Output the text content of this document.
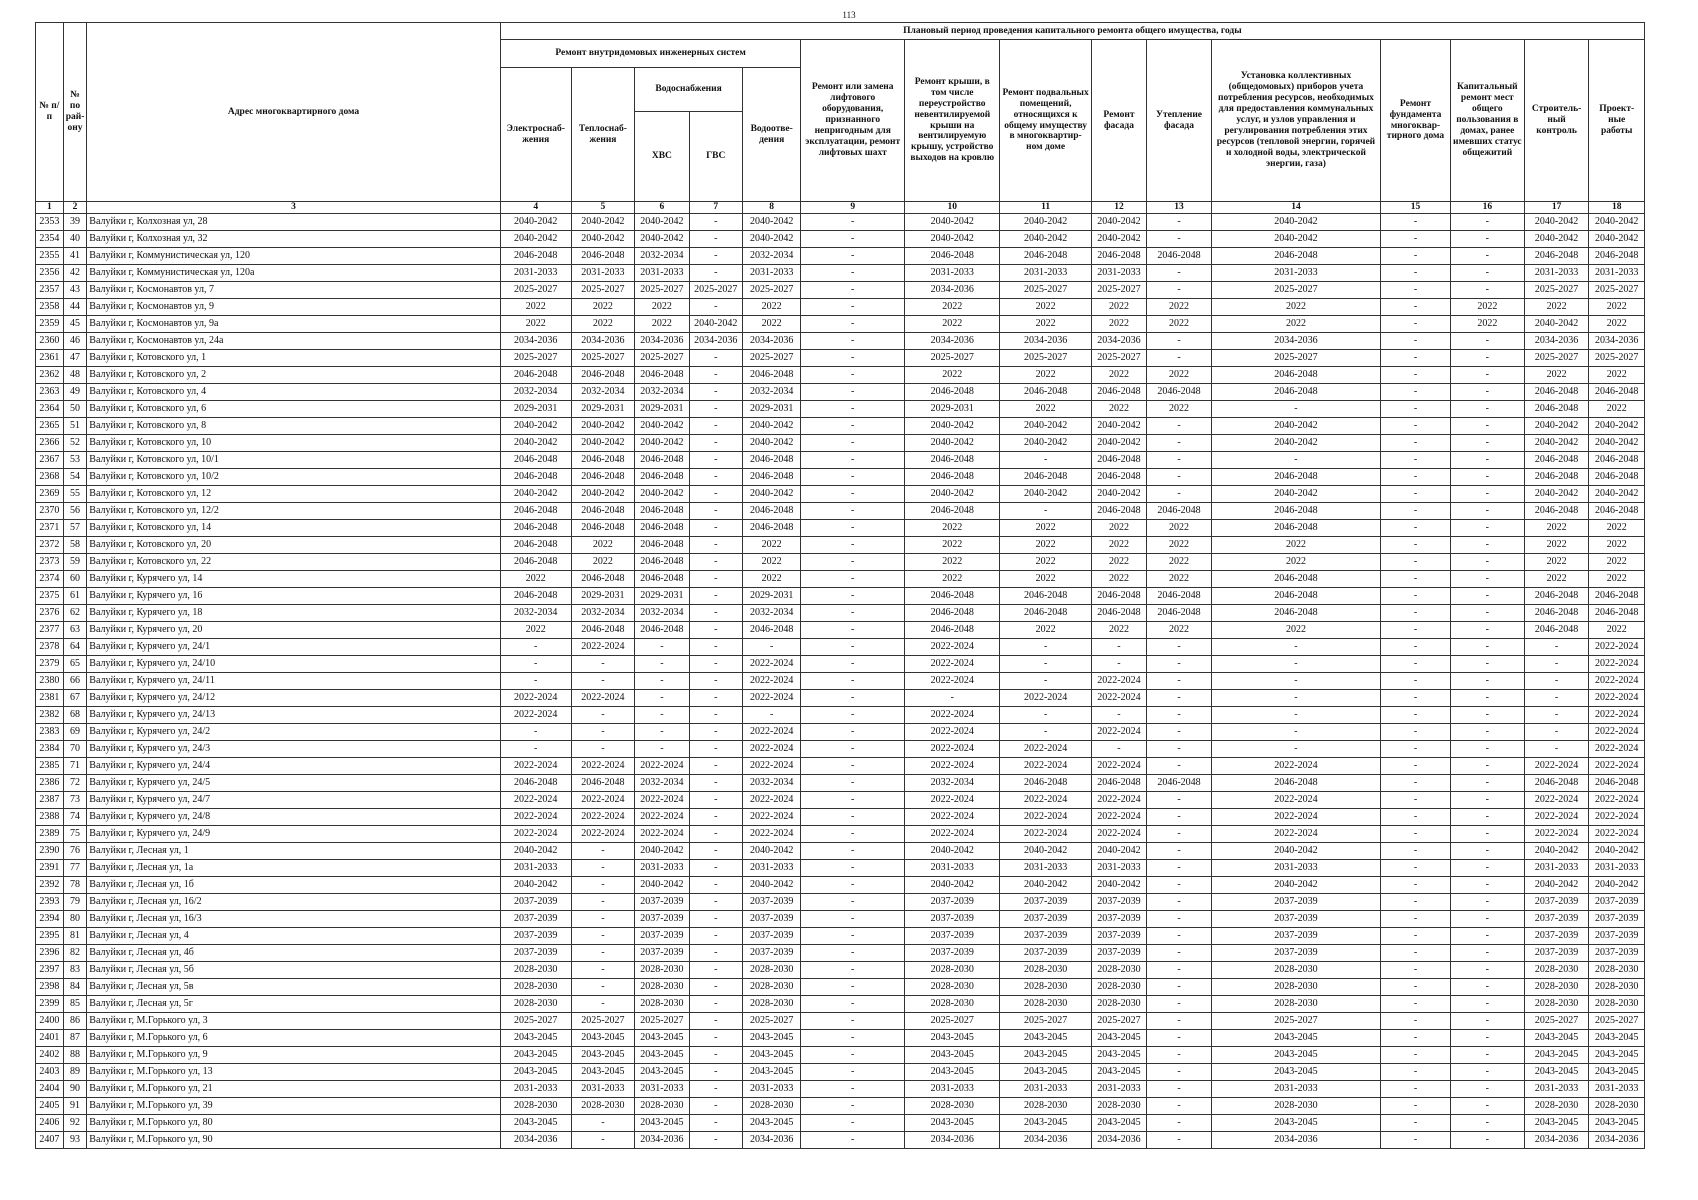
113
№ п/п	№ по рай-ону	Адрес многоквартирного дома	Плановый период проведения капитального ремонта общего имущества, годы														
			Ремонт внутридомовых инженерных систем					Ремонт или замена лифтового оборудования, признанного непригодным для эксплуатации, ремонт лифтовых шахт	Ремонт крыши, в том числе переустройство невентилируемой крыши на вентилируемую крышу, устройство выходов на кровлю	Ремонт подвальных помещений, относящихся к общему имуществу в многоквартир-ном доме	Ремонт фасада	Утепление фасада	Установка коллективных (общедомовых) приборов учета потребления ресурсов, необходимых для предоставления коммунальных услуг, и узлов управления и регулирования потребления этих ресурсов (тепловой энергии, горячей и холодной воды, электрической энергии, газа)	Ремонт фундамента многоквар-тирного дома	Капитальный ремонт мест общего пользования в домах, ранее имевших статус общежитий	Строитель-ный контроль	Проект-ные работы
			Электроснаб-жения	Теплоснаб-жения	Водоснабжения		Водоотве-дения										
					ХВС	ГВС											
1	2	3	4	5	6	7	8	9	10	11	12	13	14	15	16	17	18
2353	39	Валуйки г, Колхозная ул, 28	2040-2042	2040-2042	2040-2042	-	2040-2042	-	2040-2042	2040-2042	2040-2042	-	2040-2042	-	-	2040-2042	2040-2042
2354	40	Валуйки г, Колхозная ул, 32	2040-2042	2040-2042	2040-2042	-	2040-2042	-	2040-2042	2040-2042	2040-2042	-	2040-2042	-	-	2040-2042	2040-2042
2355	41	Валуйки г, Коммунистическая ул, 120	2046-2048	2046-2048	2032-2034	-	2032-2034	-	2046-2048	2046-2048	2046-2048	2046-2048	2046-2048	-	-	2046-2048	2046-2048
2356	42	Валуйки г, Коммунистическая ул, 120а	2031-2033	2031-2033	2031-2033	-	2031-2033	-	2031-2033	2031-2033	2031-2033	-	2031-2033	-	-	2031-2033	2031-2033
2357	43	Валуйки г, Космонавтов ул, 7	2025-2027	2025-2027	2025-2027	2025-2027	2025-2027	-	2034-2036	2025-2027	2025-2027	-	2025-2027	-	-	2025-2027	2025-2027
2358	44	Валуйки г, Космонавтов ул, 9	2022	2022	2022	-	2022	-	2022	2022	2022	2022	2022	-	2022	2022	2022
2359	45	Валуйки г, Космонавтов ул, 9а	2022	2022	2022	2040-2042	2022	-	2022	2022	2022	2022	2022	-	2022	2040-2042	2022
2360	46	Валуйки г, Космонавтов ул, 24а	2034-2036	2034-2036	2034-2036	2034-2036	2034-2036	-	2034-2036	2034-2036	2034-2036	-	2034-2036	-	-	2034-2036	2034-2036
2361	47	Валуйки г, Котовского ул, 1	2025-2027	2025-2027	2025-2027	-	2025-2027	-	2025-2027	2025-2027	2025-2027	-	2025-2027	-	-	2025-2027	2025-2027
2362	48	Валуйки г, Котовского ул, 2	2046-2048	2046-2048	2046-2048	-	2046-2048	-	2022	2022	2022	2022	2046-2048	-	-	2022	2022
2363	49	Валуйки г, Котовского ул, 4	2032-2034	2032-2034	2032-2034	-	2032-2034	-	2046-2048	2046-2048	2046-2048	2046-2048	2046-2048	-	-	2046-2048	2046-2048
2364	50	Валуйки г, Котовского ул, 6	2029-2031	2029-2031	2029-2031	-	2029-2031	-	2029-2031	2022	2022	2022	-	-	-	2046-2048	2022
2365	51	Валуйки г, Котовского ул, 8	2040-2042	2040-2042	2040-2042	-	2040-2042	-	2040-2042	2040-2042	2040-2042	-	2040-2042	-	-	2040-2042	2040-2042
2366	52	Валуйки г, Котовского ул, 10	2040-2042	2040-2042	2040-2042	-	2040-2042	-	2040-2042	2040-2042	2040-2042	-	2040-2042	-	-	2040-2042	2040-2042
2367	53	Валуйки г, Котовского ул, 10/1	2046-2048	2046-2048	2046-2048	-	2046-2048	-	2046-2048	-	2046-2048	-	-	-	-	2046-2048	2046-2048
2368	54	Валуйки г, Котовского ул, 10/2	2046-2048	2046-2048	2046-2048	-	2046-2048	-	2046-2048	2046-2048	2046-2048	-	2046-2048	-	-	2046-2048	2046-2048
2369	55	Валуйки г, Котовского ул, 12	2040-2042	2040-2042	2040-2042	-	2040-2042	-	2040-2042	2040-2042	2040-2042	-	2040-2042	-	-	2040-2042	2040-2042
2370	56	Валуйки г, Котовского ул, 12/2	2046-2048	2046-2048	2046-2048	-	2046-2048	-	2046-2048	-	2046-2048	2046-2048	2046-2048	-	-	2046-2048	2046-2048
2371	57	Валуйки г, Котовского ул, 14	2046-2048	2046-2048	2046-2048	-	2046-2048	-	2022	2022	2022	2022	2046-2048	-	-	2022	2022
2372	58	Валуйки г, Котовского ул, 20	2046-2048	2022	2046-2048	-	2022	-	2022	2022	2022	2022	2022	-	-	2022	2022
2373	59	Валуйки г, Котовского ул, 22	2046-2048	2022	2046-2048	-	2022	-	2022	2022	2022	2022	2022	-	-	2022	2022
2374	60	Валуйки г, Курячего ул, 14	2022	2046-2048	2046-2048	-	2022	-	2022	2022	2022	2022	2046-2048	-	-	2022	2022
2375	61	Валуйки г, Курячего ул, 16	2046-2048	2029-2031	2029-2031	-	2029-2031	-	2046-2048	2046-2048	2046-2048	2046-2048	2046-2048	-	-	2046-2048	2046-2048
2376	62	Валуйки г, Курячего ул, 18	2032-2034	2032-2034	2032-2034	-	2032-2034	-	2046-2048	2046-2048	2046-2048	2046-2048	2046-2048	-	-	2046-2048	2046-2048
2377	63	Валуйки г, Курячего ул, 20	2022	2046-2048	2046-2048	-	2046-2048	-	2046-2048	2022	2022	2022	2022	-	-	2046-2048	2022
2378	64	Валуйки г, Курячего ул, 24/1	-	2022-2024	-	-	-	-	2022-2024	-	-	-	-	-	-	-	2022-2024
2379	65	Валуйки г, Курячего ул, 24/10	-	-	-	-	2022-2024	-	2022-2024	-	-	-	-	-	-	-	2022-2024
2380	66	Валуйки г, Курячего ул, 24/11	-	-	-	-	2022-2024	-	2022-2024	-	2022-2024	-	-	-	-	-	2022-2024
2381	67	Валуйки г, Курячего ул, 24/12	2022-2024	2022-2024	-	-	2022-2024	-	-	2022-2024	2022-2024	-	-	-	-	-	2022-2024
2382	68	Валуйки г, Курячего ул, 24/13	2022-2024	-	-	-	-	-	2022-2024	-	-	-	-	-	-	-	2022-2024
2383	69	Валуйки г, Курячего ул, 24/2	-	-	-	-	2022-2024	-	2022-2024	-	2022-2024	-	-	-	-	-	2022-2024
2384	70	Валуйки г, Курячего ул, 24/3	-	-	-	-	2022-2024	-	2022-2024	2022-2024	-	-	-	-	-	-	2022-2024
2385	71	Валуйки г, Курячего ул, 24/4	2022-2024	2022-2024	2022-2024	-	2022-2024	-	2022-2024	2022-2024	2022-2024	-	2022-2024	-	-	2022-2024	2022-2024
2386	72	Валуйки г, Курячего ул, 24/5	2046-2048	2046-2048	2032-2034	-	2032-2034	-	2032-2034	2046-2048	2046-2048	2046-2048	2046-2048	-	-	2046-2048	2046-2048
2387	73	Валуйки г, Курячего ул, 24/7	2022-2024	2022-2024	2022-2024	-	2022-2024	-	2022-2024	2022-2024	2022-2024	-	2022-2024	-	-	2022-2024	2022-2024
2388	74	Валуйки г, Курячего ул, 24/8	2022-2024	2022-2024	2022-2024	-	2022-2024	-	2022-2024	2022-2024	2022-2024	-	2022-2024	-	-	2022-2024	2022-2024
2389	75	Валуйки г, Курячего ул, 24/9	2022-2024	2022-2024	2022-2024	-	2022-2024	-	2022-2024	2022-2024	2022-2024	-	2022-2024	-	-	2022-2024	2022-2024
2390	76	Валуйки г, Лесная ул, 1	2040-2042	-	2040-2042	-	2040-2042	-	2040-2042	2040-2042	2040-2042	-	2040-2042	-	-	2040-2042	2040-2042
2391	77	Валуйки г, Лесная ул, 1а	2031-2033	-	2031-2033	-	2031-2033	-	2031-2033	2031-2033	2031-2033	-	2031-2033	-	-	2031-2033	2031-2033
2392	78	Валуйки г, Лесная ул, 1б	2040-2042	-	2040-2042	-	2040-2042	-	2040-2042	2040-2042	2040-2042	-	2040-2042	-	-	2040-2042	2040-2042
2393	79	Валуйки г, Лесная ул, 16/2	2037-2039	-	2037-2039	-	2037-2039	-	2037-2039	2037-2039	2037-2039	-	2037-2039	-	-	2037-2039	2037-2039
2394	80	Валуйки г, Лесная ул, 16/3	2037-2039	-	2037-2039	-	2037-2039	-	2037-2039	2037-2039	2037-2039	-	2037-2039	-	-	2037-2039	2037-2039
2395	81	Валуйки г, Лесная ул, 4	2037-2039	-	2037-2039	-	2037-2039	-	2037-2039	2037-2039	2037-2039	-	2037-2039	-	-	2037-2039	2037-2039
2396	82	Валуйки г, Лесная ул, 4б	2037-2039	-	2037-2039	-	2037-2039	-	2037-2039	2037-2039	2037-2039	-	2037-2039	-	-	2037-2039	2037-2039
2397	83	Валуйки г, Лесная ул, 5б	2028-2030	-	2028-2030	-	2028-2030	-	2028-2030	2028-2030	2028-2030	-	2028-2030	-	-	2028-2030	2028-2030
2398	84	Валуйки г, Лесная ул, 5в	2028-2030	-	2028-2030	-	2028-2030	-	2028-2030	2028-2030	2028-2030	-	2028-2030	-	-	2028-2030	2028-2030
2399	85	Валуйки г, Лесная ул, 5г	2028-2030	-	2028-2030	-	2028-2030	-	2028-2030	2028-2030	2028-2030	-	2028-2030	-	-	2028-2030	2028-2030
2400	86	Валуйки г, М.Горького ул, 3	2025-2027	2025-2027	2025-2027	-	2025-2027	-	2025-2027	2025-2027	2025-2027	-	2025-2027	-	-	2025-2027	2025-2027
2401	87	Валуйки г, М.Горького ул, 6	2043-2045	2043-2045	2043-2045	-	2043-2045	-	2043-2045	2043-2045	2043-2045	-	2043-2045	-	-	2043-2045	2043-2045
2402	88	Валуйки г, М.Горького ул, 9	2043-2045	2043-2045	2043-2045	-	2043-2045	-	2043-2045	2043-2045	2043-2045	-	2043-2045	-	-	2043-2045	2043-2045
2403	89	Валуйки г, М.Горького ул, 13	2043-2045	2043-2045	2043-2045	-	2043-2045	-	2043-2045	2043-2045	2043-2045	-	2043-2045	-	-	2043-2045	2043-2045
2404	90	Валуйки г, М.Горького ул, 21	2031-2033	2031-2033	2031-2033	-	2031-2033	-	2031-2033	2031-2033	2031-2033	-	2031-2033	-	-	2031-2033	2031-2033
2405	91	Валуйки г, М.Горького ул, 39	2028-2030	2028-2030	2028-2030	-	2028-2030	-	2028-2030	2028-2030	2028-2030	-	2028-2030	-	-	2028-2030	2028-2030
2406	92	Валуйки г, М.Горького ул, 80	2043-2045	-	2043-2045	-	2043-2045	-	2043-2045	2043-2045	2043-2045	-	2043-2045	-	-	2043-2045	2043-2045
2407	93	Валуйки г, М.Горького ул, 90	2034-2036	-	2034-2036	-	2034-2036	-	2034-2036	2034-2036	2034-2036	-	2034-2036	-	-	2034-2036	2034-2036
